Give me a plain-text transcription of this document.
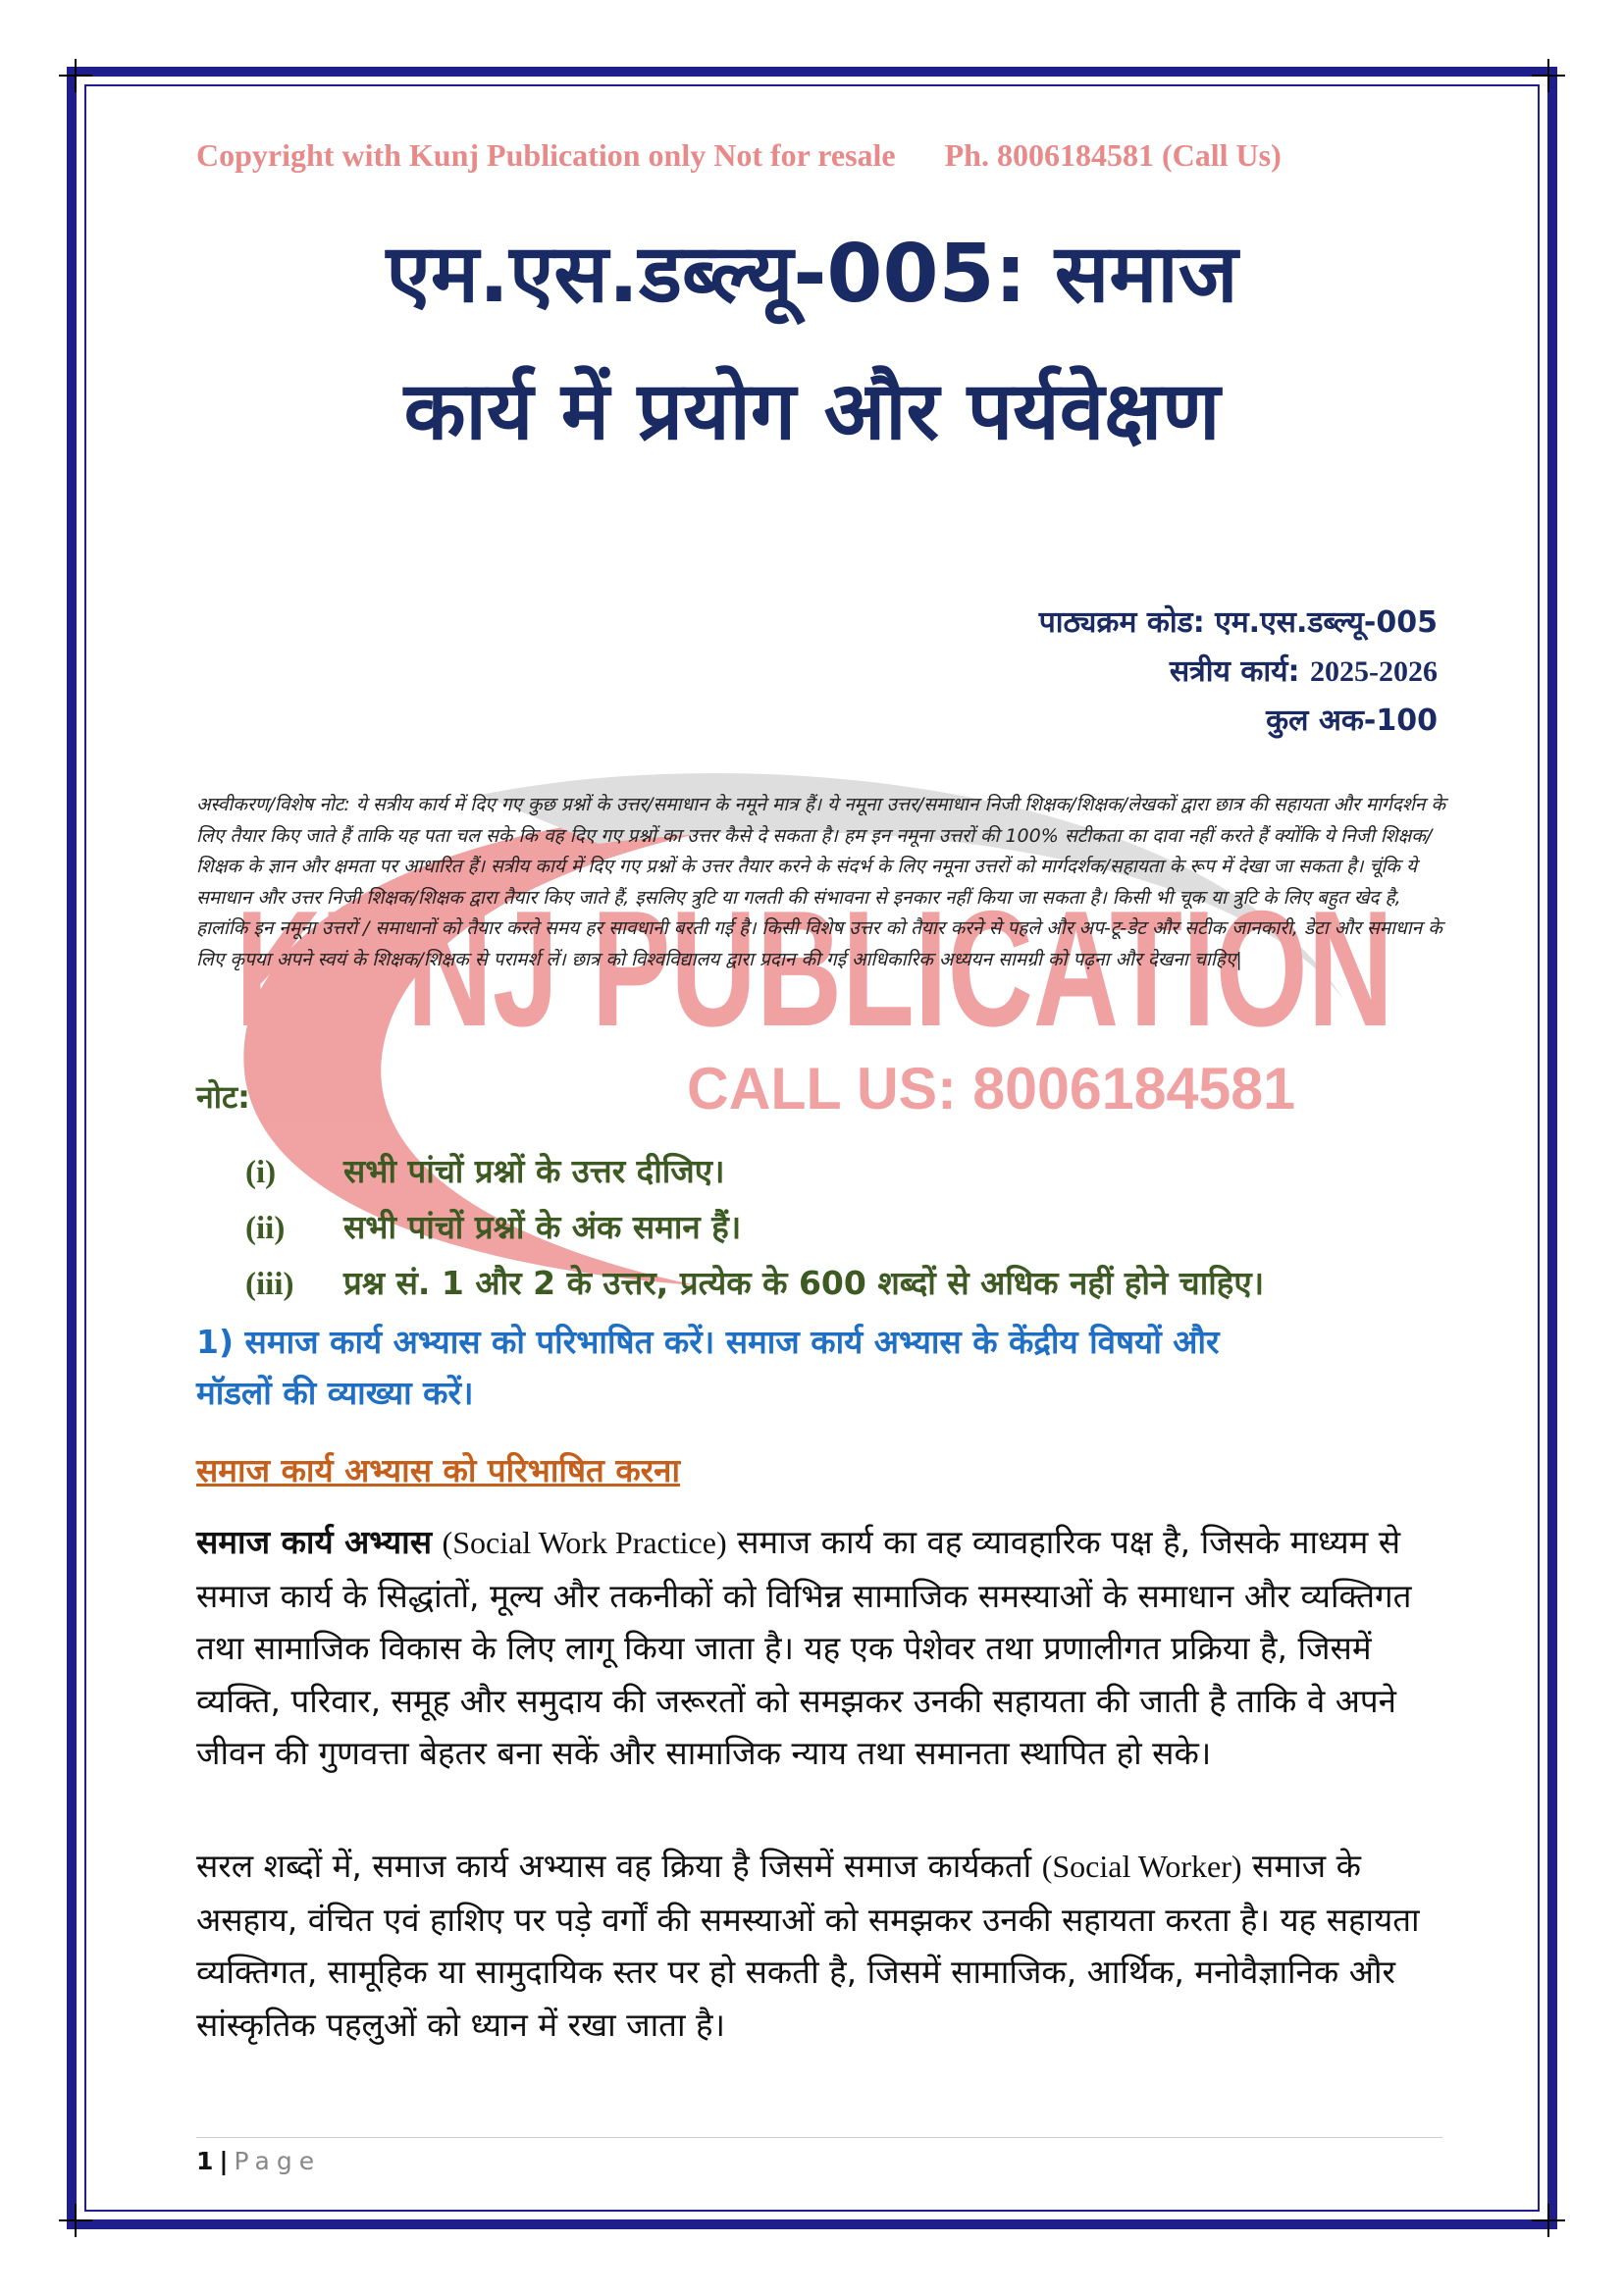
KUNJ PUBLICATION
CALL US: 8006184581
Copyright with Kunj Publication only Not for resale Ph. 8006184581 (Call Us)
एम.एस.डब्ल्यू-005: समाज
कार्य में प्रयोग और पर्यवेक्षण
पाठ्यक्रम कोड: एम.एस.डब्ल्यू-005
सत्रीय कार्य: 2025-2026
कुल अक-100
अस्वीकरण/विशेष नोट: ये सत्रीय कार्य में दिए गए कुछ प्रश्नों के उत्तर/समाधान के नमूने मात्र हैं। ये नमूना उत्तर/समाधान निजी शिक्षक/शिक्षक/लेखकों द्वारा छात्र की सहायता और मार्गदर्शन के लिए तैयार किए जाते हैं ताकि यह पता चल सके कि वह दिए गए प्रश्नों का उत्तर कैसे दे सकता है। हम इन नमूना उत्तरों की 100% सटीकता का दावा नहीं करते हैं क्योंकि ये निजी शिक्षक/शिक्षक के ज्ञान और क्षमता पर आधारित हैं। सत्रीय कार्य में दिए गए प्रश्नों के उत्तर तैयार करने के संदर्भ के लिए नमूना उत्तरों को मार्गदर्शक/सहायता के रूप में देखा जा सकता है। चूंकि ये समाधान और उत्तर निजी शिक्षक/शिक्षक द्वारा तैयार किए जाते हैं, इसलिए त्रुटि या गलती की संभावना से इनकार नहीं किया जा सकता है। किसी भी चूक या त्रुटि के लिए बहुत खेद है, हालांकि इन नमूना उत्तरों / समाधानों को तैयार करते समय हर सावधानी बरती गई है। किसी विशेष उत्तर को तैयार करने से पहले और अप-टू-डेट और सटीक जानकारी, डेटा और समाधान के लिए कृपया अपने स्वयं के शिक्षक/शिक्षक से परामर्श लें। छात्र को विश्वविद्यालय द्वारा प्रदान की गई आधिकारिक अध्ययन सामग्री को पढ़ना और देखना चाहिए|
नोट:
(i)	सभी पांचों प्रश्नों के उत्तर दीजिए।
(ii)	सभी पांचों प्रश्नों के अंक समान हैं।
(iii)	प्रश्न सं. 1 और 2 के उत्तर, प्रत्येक के 600 शब्दों से अधिक नहीं होने चाहिए।
1) समाज कार्य अभ्यास को परिभाषित करें। समाज कार्य अभ्यास के केंद्रीय विषयों और
मॉडलों की व्याख्या करें।
समाज कार्य अभ्यास को परिभाषित करना
समाज कार्य अभ्यास (Social Work Practice) समाज कार्य का वह व्यावहारिक पक्ष है, जिसके माध्यम से समाज कार्य के सिद्धांतों, मूल्य और तकनीकों को विभिन्न सामाजिक समस्याओं के समाधान और व्यक्तिगत तथा सामाजिक विकास के लिए लागू किया जाता है। यह एक पेशेवर तथा प्रणालीगत प्रक्रिया है, जिसमें व्यक्ति, परिवार, समूह और समुदाय की जरूरतों को समझकर उनकी सहायता की जाती है ताकि वे अपने जीवन की गुणवत्ता बेहतर बना सकें और सामाजिक न्याय तथा समानता स्थापित हो सके।
सरल शब्दों में, समाज कार्य अभ्यास वह क्रिया है जिसमें समाज कार्यकर्ता (Social Worker) समाज के असहाय, वंचित एवं हाशिए पर पड़े वर्गों की समस्याओं को समझकर उनकी सहायता करता है। यह सहायता व्यक्तिगत, सामूहिक या सामुदायिक स्तर पर हो सकती है, जिसमें सामाजिक, आर्थिक, मनोवैज्ञानिक और सांस्कृतिक पहलुओं को ध्यान में रखा जाता है।
1 | Page
